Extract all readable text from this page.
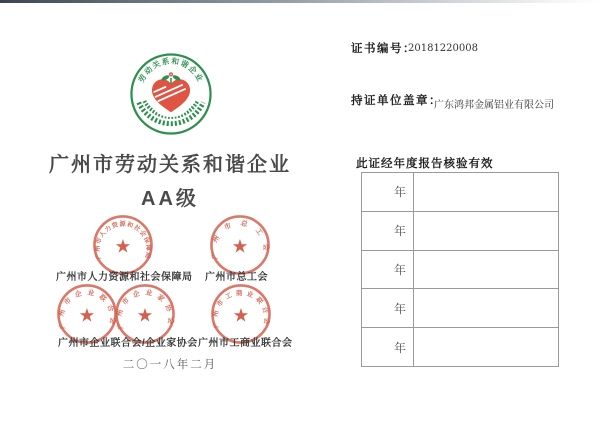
劳动关系和谐企业
广州市劳动关系和谐企业
AA级
广州市人力资源和社会保障局
★	广州市总工会
★
广州市企业联合会
★ 广州市企业家协会
★	广州市工商业联合会
★
广州市人力资源和社会保障局 广州市总工会
广州市企业联合会/企业家协会 广州市工商业联合会
二〇一八年二月
证书编号：
20181220008
持证单位盖章：
广东鸿邦金属铝业有限公司
此证经年度报告核验有效
年
年
年
年
年
